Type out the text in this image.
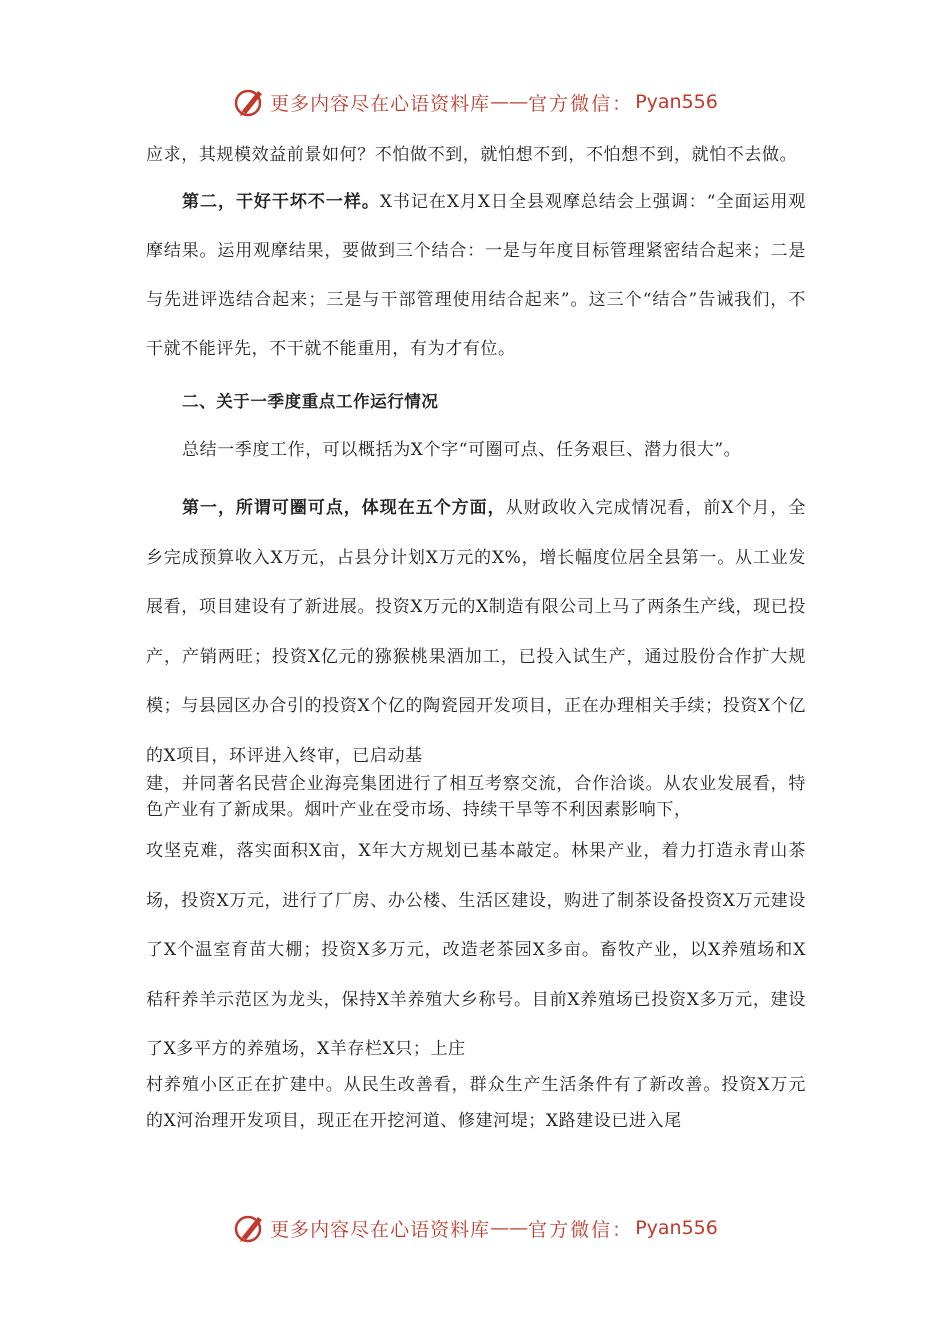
更多内容尽在心语资料库 —— 官方微信： Pyan556

应求，其规模效益前景如何？不怕做不到，就怕想不到，不怕想不到，就怕不去做。

第二，干好干坏不一样。X书记在X月X日全县观摩总结会上强调：“全面运用观摩结果。运用观摩结果，要做到三个结合：一是与年度目标管理紧密结合起来；二是与先进评选结合起来；三是与干部管理使用结合起来”。这三个“结合”告诫我们，不干就不能评先，不干就不能重用，有为才有位。

二、关于一季度重点工作运行情况

总结一季度工作，可以概括为X个字“可圈可点、任务艰巨、潜力很大”。

第一，所谓可圈可点，体现在五个方面，从财政收入完成情况看，前X个月，全乡完成预算收入X万元，占县分计划X万元的X%，增长幅度位居全县第一。从工业发展看，项目建设有了新进展。投资X万元的X制造有限公司上马了两条生产线，现已投产，产销两旺；投资X亿元的猕猴桃果酒加工，已投入试生产，通过股份合作扩大规模；与县园区办合引的投资X个亿的陶瓷园开发项目，正在办理相关手续；投资X个亿的X项目，环评进入终审，已启动基

建，并同著名民营企业海亮集团进行了相互考察交流，合作洽谈。从农业发展看，特色产业有了新成果。烟叶产业在受市场、持续干旱等不利因素影响下，

攻坚克难，落实面积X亩，X年大方规划已基本敲定。林果产业，着力打造永青山茶场，投资X万元，进行了厂房、办公楼、生活区建设，购进了制茶设备投资X万元建设了X个温室育苗大棚；投资X多万元，改造老茶园X多亩。畜牧产业，以X养殖场和X秸秆养羊示范区为龙头，保持X羊养殖大乡称号。目前X养殖场已投资X多万元，建设了X多平方的养殖场，X羊存栏X只；上庄

村养殖小区正在扩建中。从民生改善看，群众生产生活条件有了新改善。投资X万元的X河治理开发项目，现正在开挖河道、修建河堤；X路建设已进入尾

更多内容尽在心语资料库 —— 官方微信： Pyan556
